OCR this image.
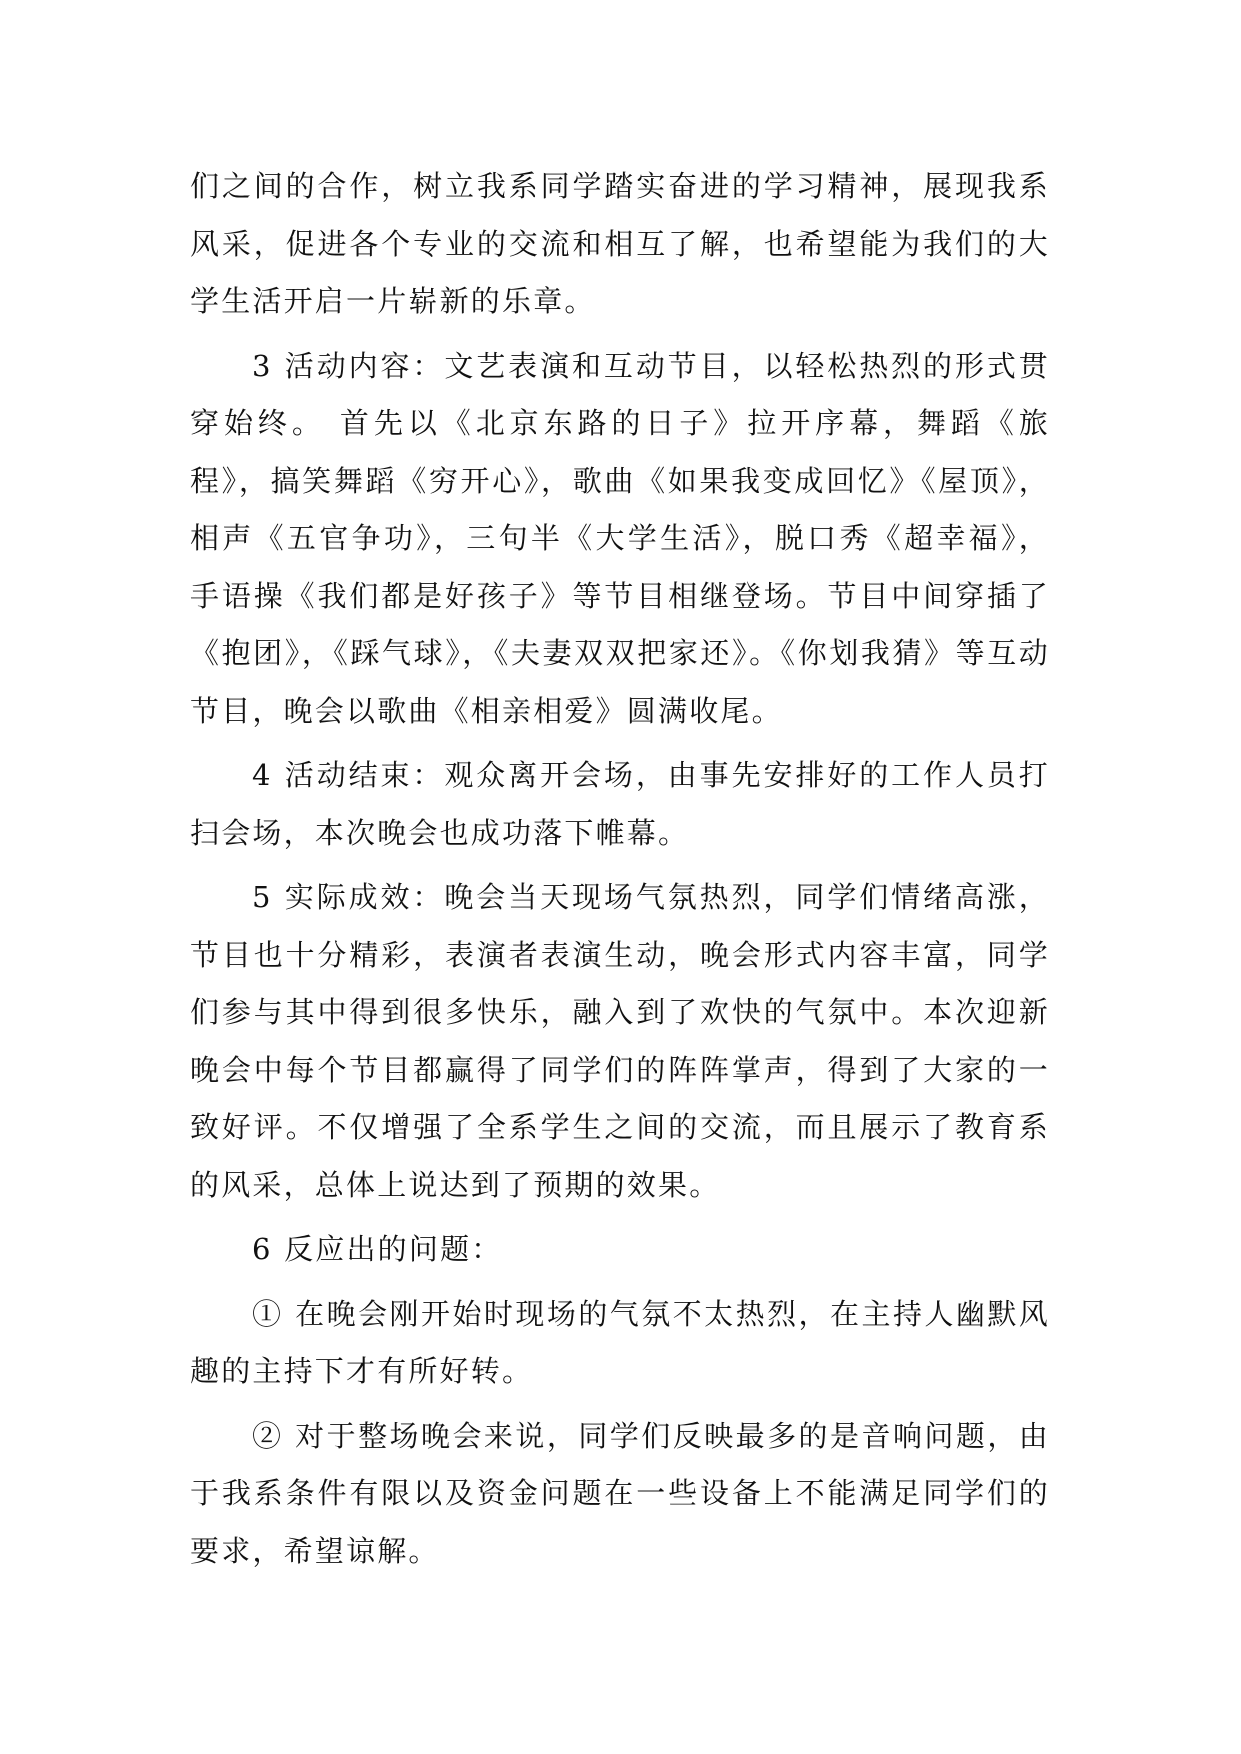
们之间的合作，树立我系同学踏实奋进的学习精神，展现我系风采，促进各个专业的交流和相互了解，也希望能为我们的大学生活开启一片崭新的乐章。

3 活动内容：文艺表演和互动节目，以轻松热烈的形式贯穿始终。 首先以《北京东路的日子》拉开序幕，舞蹈《旅程》，搞笑舞蹈《穷开心》，歌曲《如果我变成回忆》《屋顶》，相声《五官争功》，三句半《大学生活》，脱口秀《超幸福》，手语操《我们都是好孩子》等节目相继登场。节目中间穿插了《抱团》，《踩气球》，《夫妻双双把家还》。《你划我猜》等互动节目，晚会以歌曲《相亲相爱》圆满收尾。

4 活动结束：观众离开会场，由事先安排好的工作人员打扫会场，本次晚会也成功落下帷幕。

5 实际成效：晚会当天现场气氛热烈，同学们情绪高涨，节目也十分精彩，表演者表演生动，晚会形式内容丰富，同学们参与其中得到很多快乐，融入到了欢快的气氛中。本次迎新晚会中每个节目都赢得了同学们的阵阵掌声，得到了大家的一致好评。不仅增强了全系学生之间的交流，而且展示了教育系的风采，总体上说达到了预期的效果。

6 反应出的问题：

① 在晚会刚开始时现场的气氛不太热烈，在主持人幽默风趣的主持下才有所好转。

② 对于整场晚会来说，同学们反映最多的是音响问题，由于我系条件有限以及资金问题在一些设备上不能满足同学们的要求，希望谅解。
